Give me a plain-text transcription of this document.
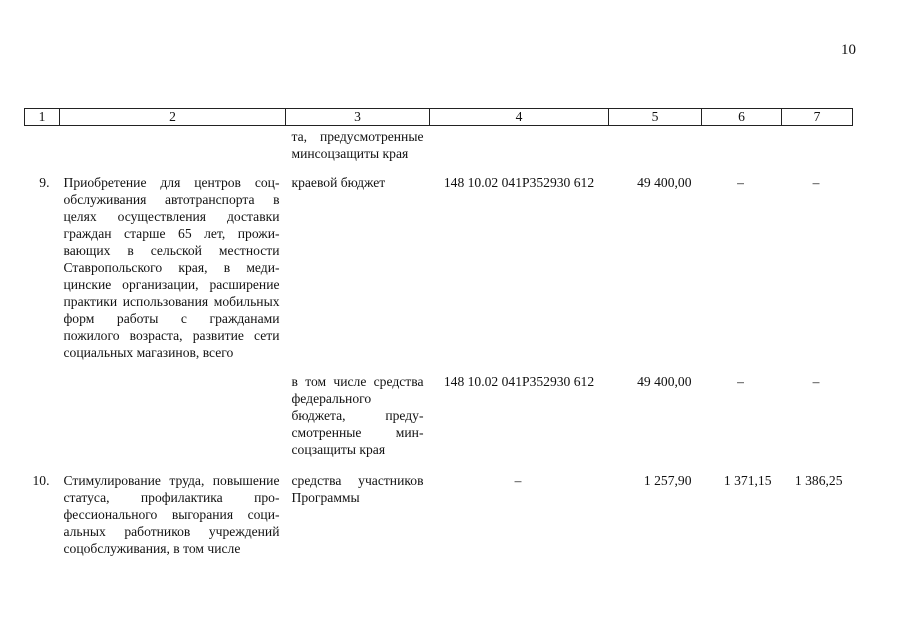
10
1	2	3	4	5	6	7
		та, предусмотренные минсоцзащиты края				
9.	Приобретение для центров соцобслуживания автотранспорта в целях осуществления доставки граждан старше 65 лет, проживающих в сельской местности Ставропольского края, в медицинские организации, расширение практики использования мобильных форм работы с гражданами пожилого возраста, развитие сети социальных магазинов, всего	краевой бюджет	148 10.02 041P352930 612	49 400,00	–	–
		в том числе средства федерального бюджета, предусмотренные минсоцзащиты края	148 10.02 041P352930 612	49 400,00	–	–
10.	Стимулирование труда, повышение статуса, профилактика профессионального выгорания социальных работников учреждений соцобслуживания, в том числе	средства участников Программы	–	1 257,90	1 371,15	1 386,25
